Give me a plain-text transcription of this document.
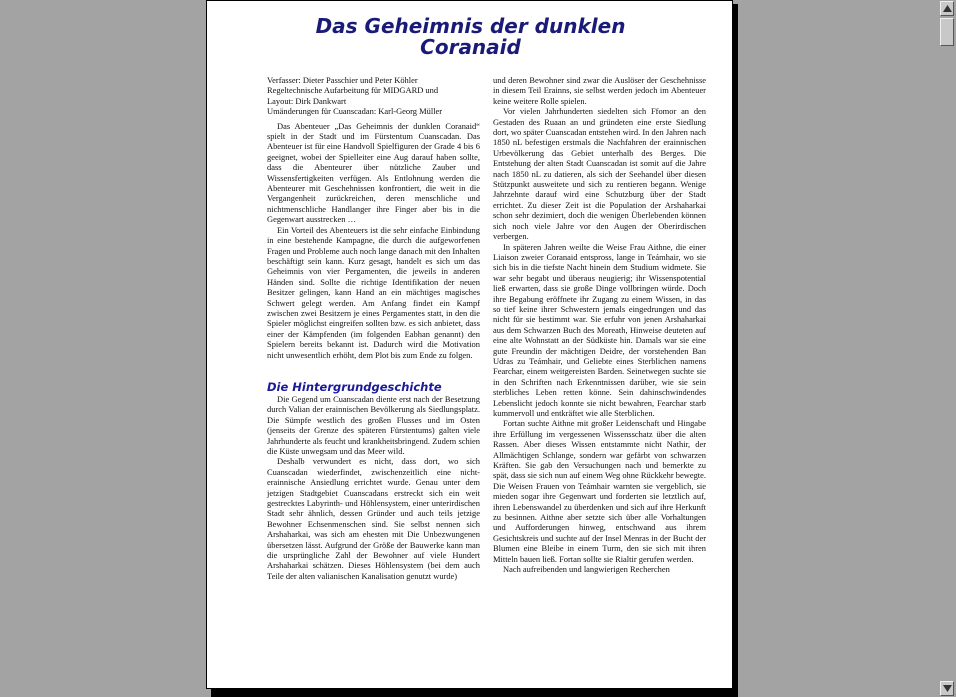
Das Geheimnis der dunklen
Coranaid

Verfasser: Dieter Passchier und Peter Köhler

Regeltechnische Aufarbeitung für MIDGARD und

Layout: Dirk Dankwart

Umänderungen für Cuanscadan: Karl-Georg Müller

Das Abenteuer „Das Geheimnis der dunklen Coranaid“ spielt in der Stadt und im Fürstentum Cuanscadan. Das Abenteuer ist für eine Handvoll Spielfiguren der Grade 4 bis 6 geeignet, wobei der Spielleiter eine Aug darauf haben sollte, dass die Abenteurer über nützliche Zauber und Wissensfertigkeiten verfügen. Als Entlohnung werden die Abenteurer mit Geschehnissen konfrontiert, die weit in die Vergangenheit zurückreichen, deren menschliche und nichtmenschliche Handlanger ihre Finger aber bis in die Gegenwart ausstrecken …

Ein Vorteil des Abenteuers ist die sehr einfache Einbindung in eine bestehende Kampagne, die durch die aufgeworfenen Fragen und Probleme auch noch lange danach mit den Inhalten beschäftigt sein kann. Kurz gesagt, handelt es sich um das Geheimnis von vier Pergamenten, die jeweils in anderen Händen sind. Sollte die richtige Identifikation der neuen Besitzer gelingen, kann Hand an ein mächtiges magisches Schwert gelegt werden. Am Anfang findet ein Kampf zwischen zwei Besitzern je eines Pergamentes statt, in den die Spieler möglichst eingreifen sollten bzw. es sich anbietet, dass einer der Kämpfenden (im folgenden Eabhan genannt) den Spielern bereits bekannt ist. Dadurch wird die Motivation nicht unwesentlich erhöht, dem Plot bis zum Ende zu folgen.

Die Hintergrundgeschichte

Die Gegend um Cuanscadan diente erst nach der Besetzung durch Valian der erainnischen Bevölkerung als Siedlungsplatz. Die Sümpfe westlich des großen Flusses und im Osten (jenseits der Grenze des späteren Fürstentums) galten viele Jahrhunderte als feucht und krankheitsbringend. Zudem schien die Küste unwegsam und das Meer wild.

Deshalb verwundert es nicht, dass dort, wo sich Cuanscadan wiederfindet, zwischenzeitlich eine nicht-erainnische Ansiedlung errichtet wurde. Genau unter dem jetzigen Stadtgebiet Cuanscadans erstreckt sich ein weit gestrecktes Labyrinth- und Höhlensystem, einer unterirdischen Stadt sehr ähnlich, dessen Gründer und auch teils jetzige Bewohner Echsenmenschen sind. Sie selbst nennen sich Arshaharkai, was sich am ehesten mit Die Unbezwungenen übersetzen lässt. Aufgrund der Größe der Bauwerke kann man die ursprüngliche Zahl der Bewohner auf viele Hundert Arshaharkai schätzen. Dieses Höhlensystem (bei dem auch Teile der alten valianischen Kanalisation genutzt wurde)

und deren Bewohner sind zwar die Auslöser der Geschehnisse in diesem Teil Erainns, sie selbst werden jedoch im Abenteuer keine weitere Rolle spielen.

Vor vielen Jahrhunderten siedelten sich Ffomor an den Gestaden des Ruaan an und gründeten eine erste Siedlung dort, wo später Cuanscadan entstehen wird. In den Jahren nach 1850 nL befestigen erstmals die Nachfahren der erainnischen Urbevölkerung das Gebiet unterhalb des Berges. Die Entstehung der alten Stadt Cuanscadan ist somit auf die Jahre nach 1850 nL zu datieren, als sich der Seehandel über diesen Stützpunkt ausweitete und sich zu rentieren begann. Wenige Jahrzehnte darauf wird eine Schutzburg über der Stadt errichtet. Zu dieser Zeit ist die Population der Arshaharkai schon sehr dezimiert, doch die wenigen Überlebenden können sich noch viele Jahre vor den Augen der Oberirdischen verbergen.

In späteren Jahren weilte die Weise Frau Aithne, die einer Liaison zweier Coranaid entspross, lange in Teámhair, wo sie sich bis in die tiefste Nacht hinein dem Studium widmete. Sie war sehr begabt und überaus neugierig; ihr Wissenspotential ließ erwarten, dass sie große Dinge vollbringen würde. Doch ihre Begabung eröffnete ihr Zugang zu einem Wissen, in das so tief keine ihrer Schwestern jemals eingedrungen und das nicht für sie bestimmt war. Sie erfuhr von jenen Arshaharkai aus dem Schwarzen Buch des Moreath, Hinweise deuteten auf eine alte Wohnstatt an der Südküste hin. Damals war sie eine gute Freundin der mächtigen Deidre, der vorstehenden Ban Udras zu Teámhair, und Geliebte eines Sterblichen namens Fearchar, einem weitgereisten Barden. Seinetwegen suchte sie in den Schriften nach Erkenntnissen darüber, wie sie sein sterbliches Leben retten könne. Sein dahinschwindendes Lebenslicht jedoch konnte sie nicht bewahren, Fearchar starb kummervoll und entkräftet wie alle Sterblichen.

Fortan suchte Aithne mit großer Leidenschaft und Hingabe ihre Erfüllung im vergessenen Wissensschatz über die alten Rassen. Aber dieses Wissen entstammte nicht Nathir, der Allmächtigen Schlange, sondern war gefärbt von schwarzen Kräften. Sie gab den Versuchungen nach und bemerkte zu spät, dass sie sich nun auf einem Weg ohne Rückkehr bewegte. Die Weisen Frauen von Teámhair warnten sie vergeblich, sie mieden sogar ihre Gegenwart und forderten sie letztlich auf, ihren Lebenswandel zu überdenken und sich auf ihre Herkunft zu besinnen. Aithne aber setzte sich über alle Vorhaltungen und Aufforderungen hinweg, entschwand aus ihrem Gesichtskreis und suchte auf der Insel Menras in der Bucht der Blumen eine Bleibe in einem Turm, den sie sich mit ihren Mitteln bauen ließ. Fortan sollte sie Rialtir gerufen werden.

Nach aufreibenden und langwierigen Recherchen
